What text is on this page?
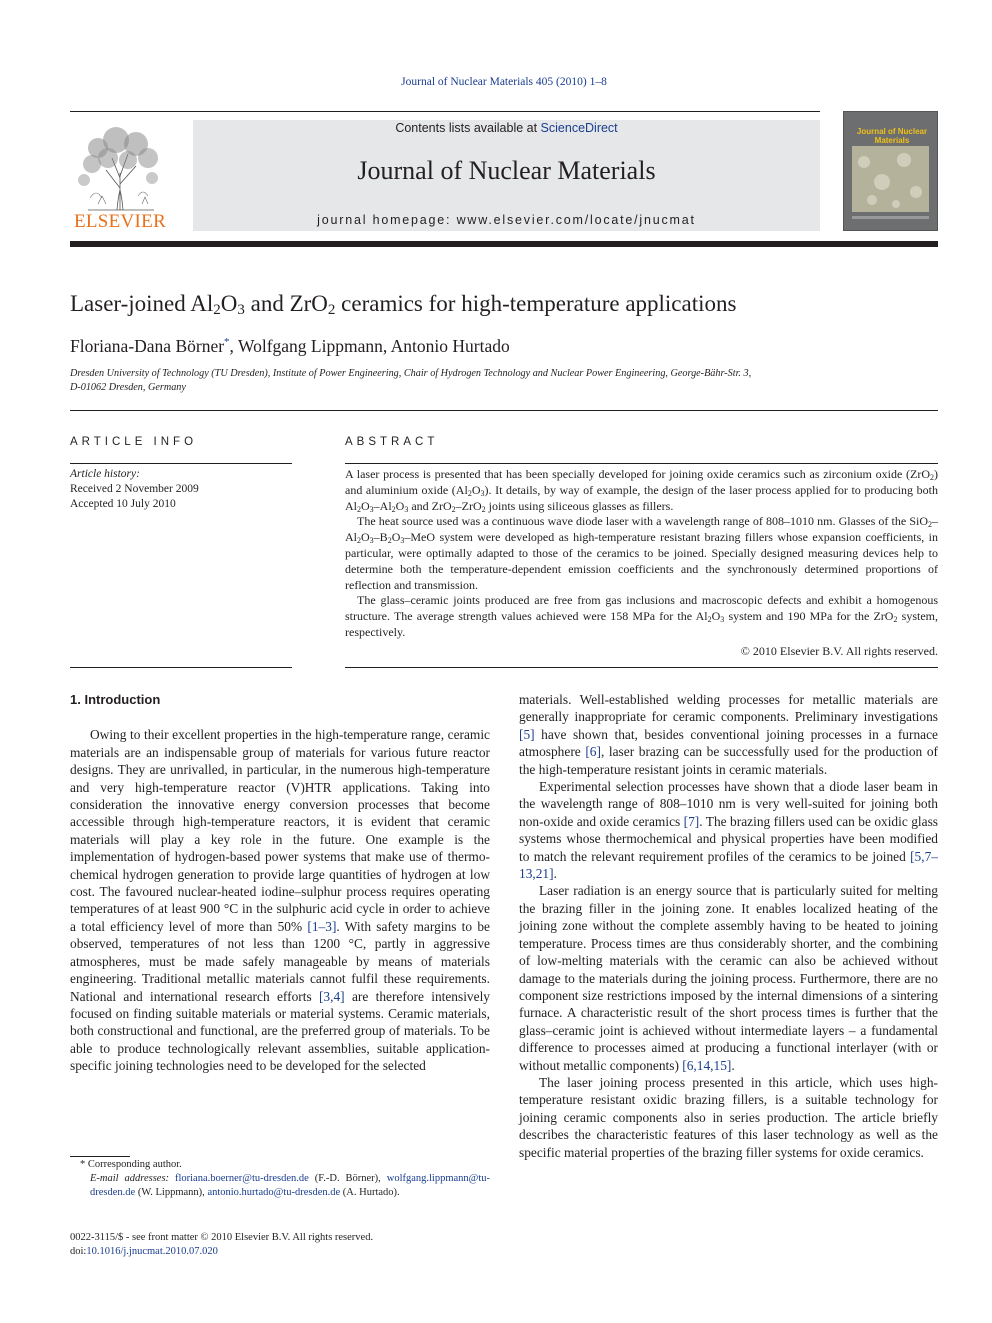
Journal of Nuclear Materials 405 (2010) 1–8
ELSEVIER
Contents lists available at ScienceDirect
Journal of Nuclear Materials
journal homepage: www.elsevier.com/locate/jnucmat
Journal of Nuclear Materials
Laser-joined $Al_2O_3$ and ZrO$_2$ ceramics for high-temperature applications
Floriana-Dana Börner*, Wolfgang Lippmann, Antonio Hurtado
Dresden University of Technology (TU Dresden), Institute of Power Engineering, Chair of Hydrogen Technology and Nuclear Power Engineering, George-Bähr-Str. 3,
D-01062 Dresden, Germany
ARTICLE INFO
Article history:
Received 2 November 2009
Accepted 10 July 2010
ABSTRACT

A laser process is presented that has been specially developed for joining oxide ceramics such as zirconium oxide (ZrO$_2$) and aluminium oxide $(Al_2O_3)$. It details, by way of example, the design of the laser process applied for to producing both $Al_2O_3-Al_2O_3$ and ZrO$_2$–ZrO$_2$ joints using siliceous glasses as fillers.

The heat source used was a continuous wave diode laser with a wavelength range of 808–1010 nm. Glasses of the $SiO_2-Al_2O_3-B_2O_3$–MeO system were developed as high-temperature resistant brazing fillers whose expansion coefficients, in particular, were optimally adapted to those of the ceramics to be joined. Specially designed measuring devices help to determine both the temperature-dependent emission coefficients and the synchronously determined proportions of reflection and transmission.

The glass–ceramic joints produced are free from gas inclusions and macroscopic defects and exhibit a homogenous structure. The average strength values achieved were 158 MPa for the $Al_2O_3$ system and 190 MPa for the ZrO$_2$ system, respectively.

© 2010 Elsevier B.V. All rights reserved.
1. Introduction

Owing to their excellent properties in the high-temperature range, ceramic materials are an indispensable group of materials for various future reactor designs. They are unrivalled, in particular, in the numerous high-temperature and very high-temperature reactor (V)HTR applications. Taking into consideration the innovative energy conversion processes that become accessible through high-temperature reactors, it is evident that ceramic materials will play a key role in the future. One example is the implementation of hydrogen-based power systems that make use of thermo-chemical hydrogen generation to provide large quantities of hydrogen at low cost. The favoured nuclear-heated iodine–sulphur process requires operating temperatures of at least 900 °C in the sulphuric acid cycle in order to achieve a total efficiency level of more than 50% [1–3]. With safety margins to be observed, temperatures of not less than 1200 °C, partly in aggressive atmospheres, must be made safely manageable by means of materials engineering. Traditional metallic materials cannot fulfil these requirements. National and international research efforts [3,4] are therefore intensively focused on finding suitable materials or material systems. Ceramic materials, both constructional and functional, are the preferred group of materials. To be able to produce technologically relevant assemblies, suitable application-specific joining technologies need to be developed for the selected

materials. Well-established welding processes for metallic materials are generally inappropriate for ceramic components. Preliminary investigations [5] have shown that, besides conventional joining processes in a furnace atmosphere [6], laser brazing can be successfully used for the production of the high-temperature resistant joints in ceramic materials.

Experimental selection processes have shown that a diode laser beam in the wavelength range of 808–1010 nm is very well-suited for joining both non-oxide and oxide ceramics [7]. The brazing fillers used can be oxidic glass systems whose thermochemical and physical properties have been modified to match the relevant requirement profiles of the ceramics to be joined [5,7–13,21].

Laser radiation is an energy source that is particularly suited for melting the brazing filler in the joining zone. It enables localized heating of the joining zone without the complete assembly having to be heated to joining temperature. Process times are thus considerably shorter, and the combining of low-melting materials with the ceramic can also be achieved without damage to the materials during the joining process. Furthermore, there are no component size restrictions imposed by the internal dimensions of a sintering furnace. A characteristic result of the short process times is further that the glass–ceramic joint is achieved without intermediate layers – a fundamental difference to processes aimed at producing a functional interlayer (with or without metallic components) [6,14,15].

The laser joining process presented in this article, which uses high-temperature resistant oxidic brazing fillers, is a suitable technology for joining ceramic components also in series production. The article briefly describes the characteristic features of this laser technology as well as the specific material properties of the brazing filler systems for oxide ceramics.

* Corresponding author.
E-mail addresses: floriana.boerner@tu-dresden.de (F.-D. Börner), wolfgang.lippmann@tu-dresden.de (W. Lippmann), antonio.hurtado@tu-dresden.de (A. Hurtado).
0022-3115/$ - see front matter © 2010 Elsevier B.V. All rights reserved.
doi:10.1016/j.jnucmat.2010.07.020
